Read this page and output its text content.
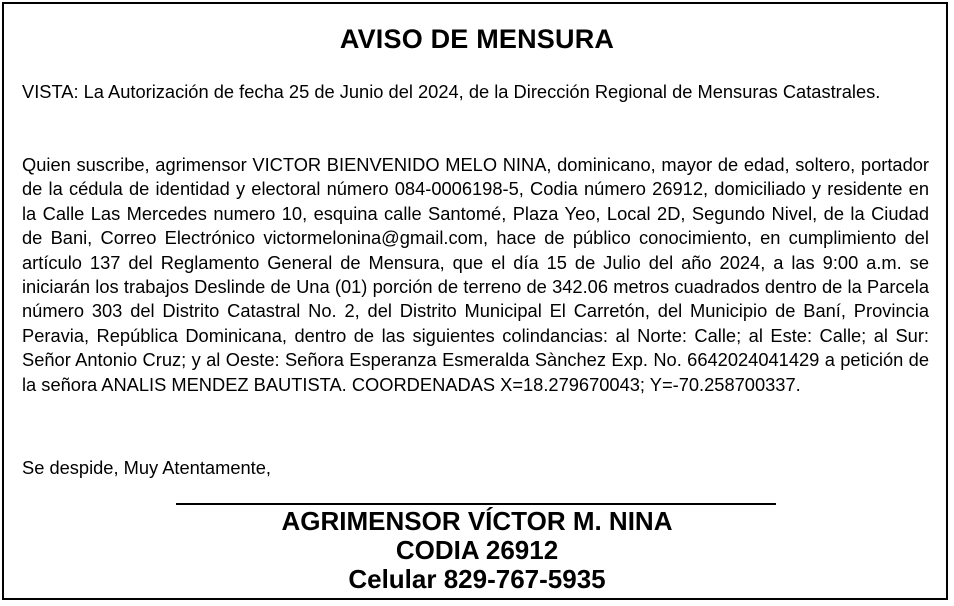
AVISO DE MENSURA

VISTA: La Autorización de fecha 25 de Junio del 2024, de la Dirección Regional de Mensuras Catastrales.

Quien suscribe, agrimensor VICTOR BIENVENIDO MELO NINA, dominicano, mayor de edad, soltero, portador de la cédula de identidad y electoral número 084-0006198-5, Codia número 26912, domiciliado y residente en la Calle Las Mercedes numero 10, esquina calle Santomé, Plaza Yeo, Local 2D, Segundo Nivel, de la Ciudad de Bani, Correo Electrónico victormelonina@gmail.com, hace de público conocimiento, en cumplimiento del artículo 137 del Reglamento General de Mensura, que el día 15 de Julio del año 2024, a las 9:00 a.m. se iniciarán los trabajos Deslinde de Una (01) porción de terreno de 342.06 metros cuadrados dentro de la Parcela número 303 del Distrito Catastral No. 2, del Distrito Municipal El Carretón, del Municipio de Baní, Provincia Peravia, República Dominicana, dentro de las siguientes colindancias: al Norte: Calle; al Este: Calle; al Sur: Señor Antonio Cruz; y al Oeste: Señora Esperanza Esmeralda Sànchez Exp. No. 6642024041429 a petición de la señora ANALIS MENDEZ BAUTISTA. COORDENADAS X=18.279670043; Y=-70.258700337.

Se despide, Muy Atentamente,

AGRIMENSOR VÍCTOR M. NINA

CODIA 26912

Celular 829-767-5935
